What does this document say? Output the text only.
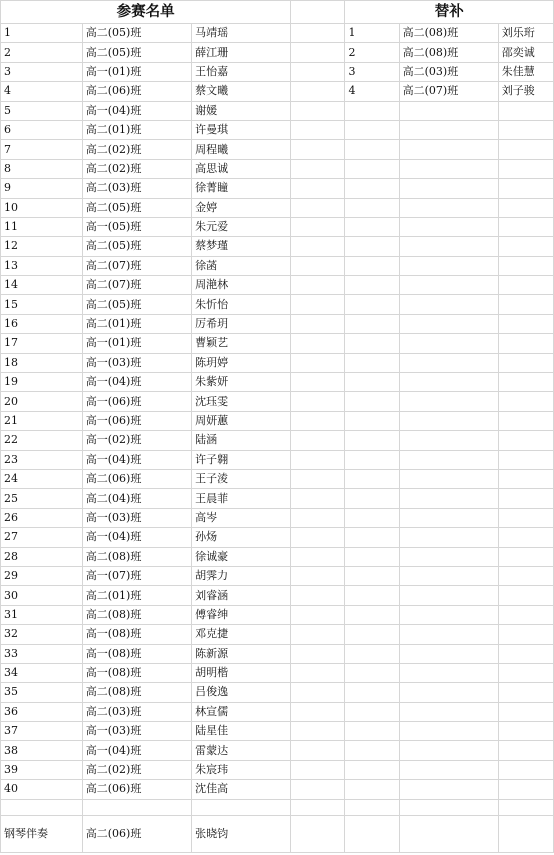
参赛名单				替补		
1	高二(05)班	马靖瑶		1	高二(08)班	刘乐珩
2	高二(05)班	薛江珊		2	高二(08)班	邵奕诚
3	高一(01)班	王怡嘉		3	高二(03)班	朱佳慧
4	高二(06)班	蔡文曦		4	高二(07)班	刘子骏
5	高一(04)班	谢媛				
6	高二(01)班	许曼琪				
7	高二(02)班	周程曦				
8	高二(02)班	高思诚				
9	高二(03)班	徐菁瞳				
10	高二(05)班	金婷				
11	高一(05)班	朱元爱				
12	高二(05)班	蔡梦瑾				
13	高二(07)班	徐菡				
14	高二(07)班	周滟林				
15	高二(05)班	朱忻怡				
16	高二(01)班	厉希玥				
17	高一(01)班	曹颖艺				
18	高一(03)班	陈玥婷				
19	高一(04)班	朱紫妍				
20	高一(06)班	沈珏雯				
21	高一(06)班	周妍蕙				
22	高一(02)班	陆涵				
23	高一(04)班	许子翱				
24	高二(06)班	王子淩				
25	高二(04)班	王晨菲				
26	高一(03)班	高岑				
27	高一(04)班	孙炀				
28	高二(08)班	徐诚豪				
29	高一(07)班	胡霁力				
30	高二(01)班	刘睿涵				
31	高二(08)班	傅睿绅				
32	高一(08)班	邓克捷				
33	高一(08)班	陈新源				
34	高一(08)班	胡明楷				
35	高二(08)班	吕俊逸				
36	高二(03)班	林宣儒				
37	高一(03)班	陆星佳				
38	高一(04)班	雷蒙达				
39	高二(02)班	朱宸玮				
40	高二(06)班	沈佳高				

钢琴伴奏	高二(06)班	张晓钧				
